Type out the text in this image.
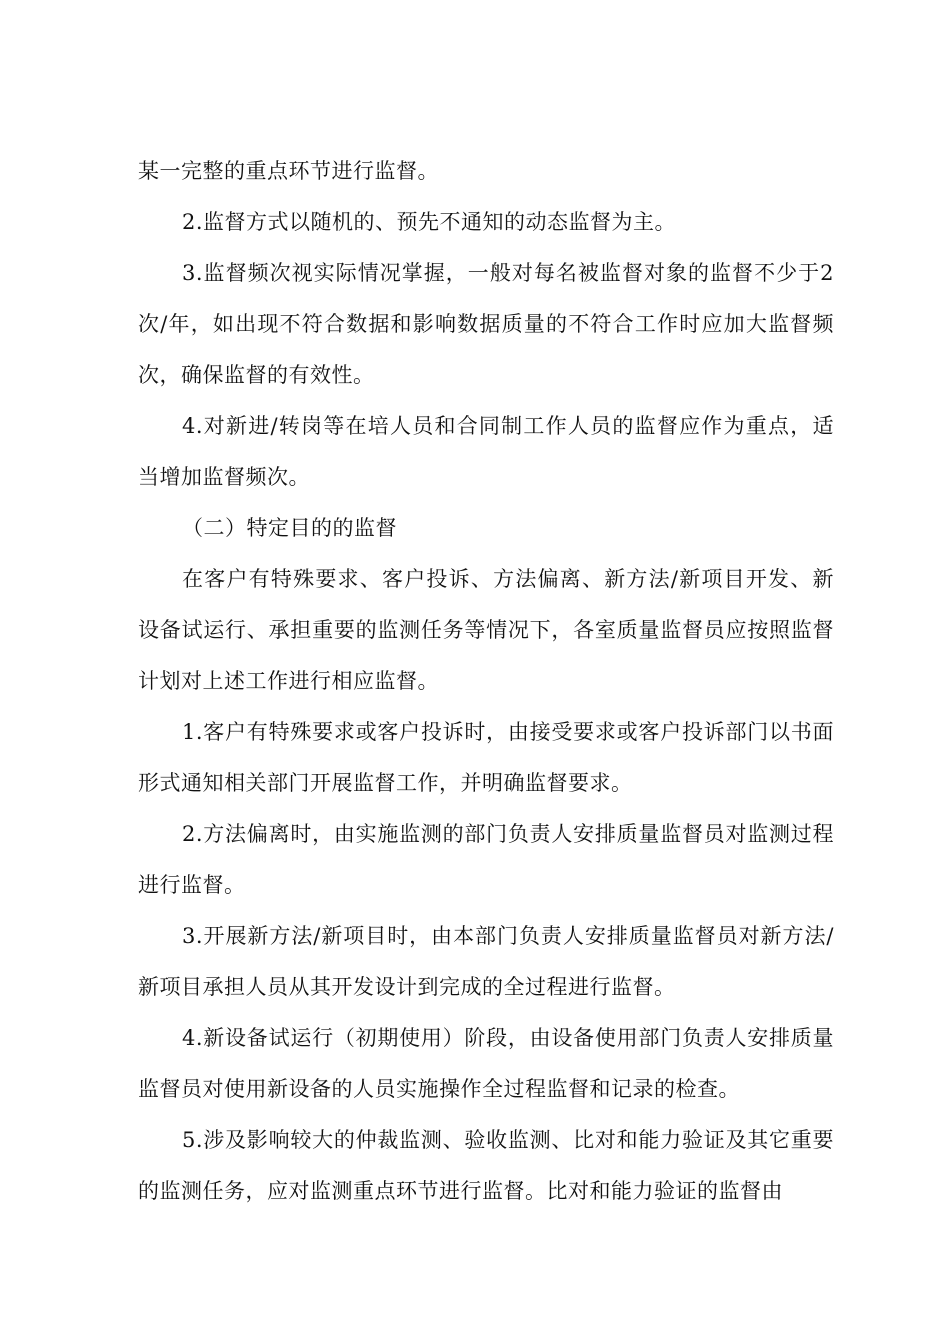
某一完整的重点环节进行监督。

2.监督方式以随机的、预先不通知的动态监督为主。

3.监督频次视实际情况掌握，一般对每名被监督对象的监督不少于2次/年，如出现不符合数据和影响数据质量的不符合工作时应加大监督频次，确保监督的有效性。

4.对新进/转岗等在培人员和合同制工作人员的监督应作为重点，适当增加监督频次。

（二）特定目的的监督

在客户有特殊要求、客户投诉、方法偏离、新方法/新项目开发、新设备试运行、承担重要的监测任务等情况下，各室质量监督员应按照监督计划对上述工作进行相应监督。

1.客户有特殊要求或客户投诉时，由接受要求或客户投诉部门以书面形式通知相关部门开展监督工作，并明确监督要求。

2.方法偏离时，由实施监测的部门负责人安排质量监督员对监测过程进行监督。

3.开展新方法/新项目时，由本部门负责人安排质量监督员对新方法/新项目承担人员从其开发设计到完成的全过程进行监督。

4.新设备试运行（初期使用）阶段，由设备使用部门负责人安排质量监督员对使用新设备的人员实施操作全过程监督和记录的检查。

5.涉及影响较大的仲裁监测、验收监测、比对和能力验证及其它重要的监测任务，应对监测重点环节进行监督。比对和能力验证的监督由
